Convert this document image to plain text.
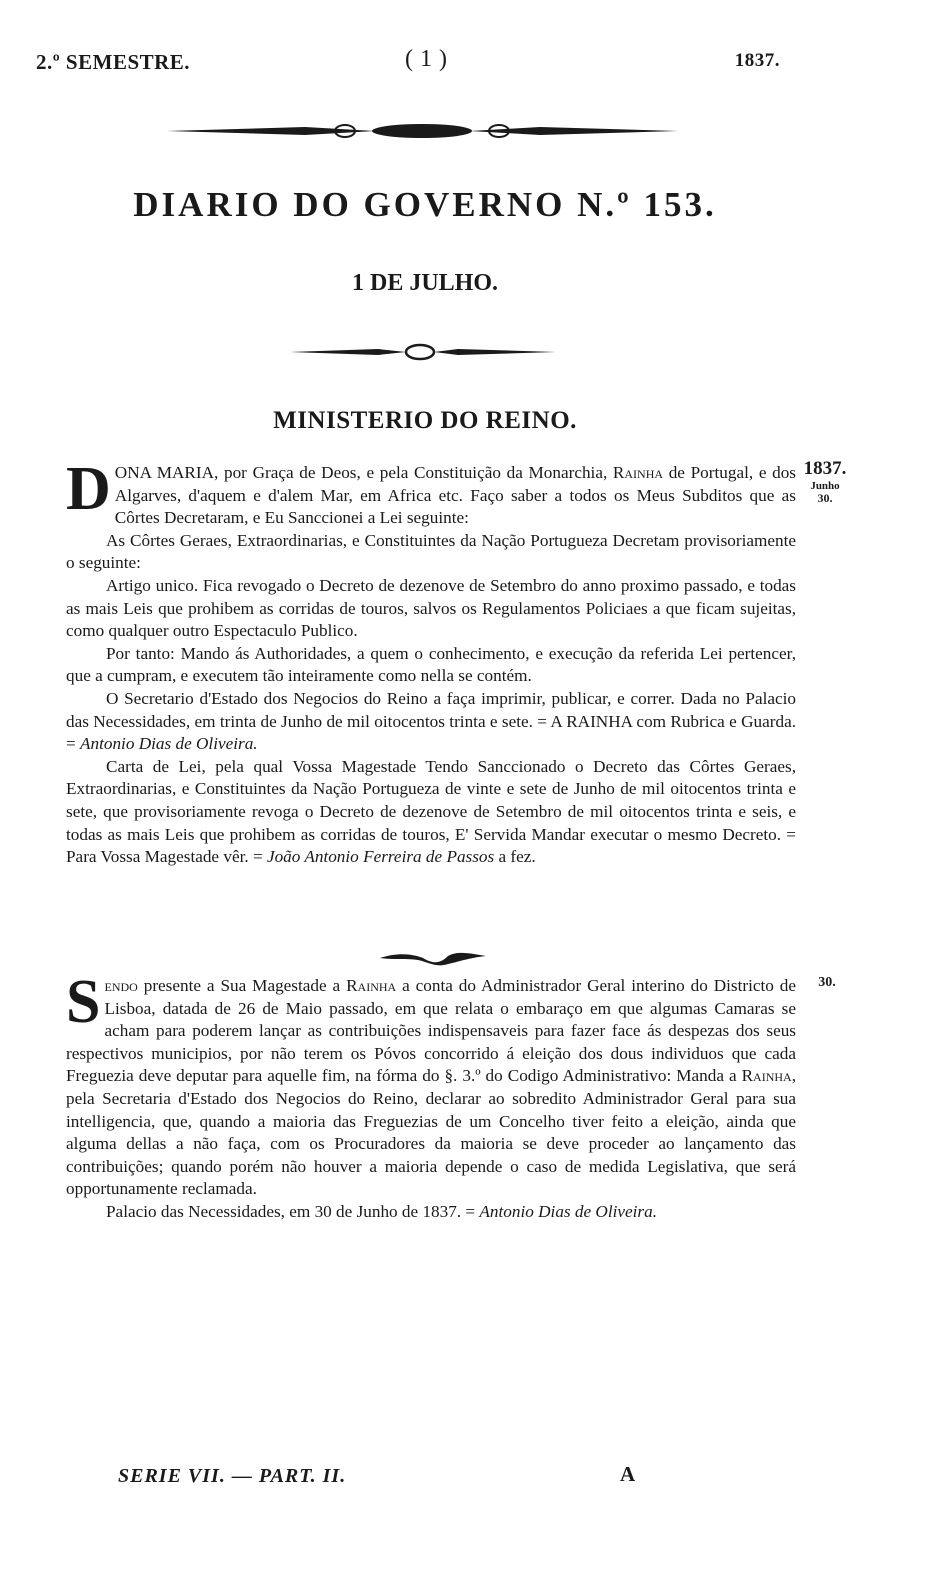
2.º SEMESTRE.	( 1 )	1837.
DIARIO DO GOVERNO N.º 153.
1 DE JULHO.
MINISTERIO DO REINO.
1837.
Junho
30.

DONA MARIA, por Graça de Deos, e pela Constituição da Monarchia, Rainha de Portugal, e dos Algarves, d'aquem e d'alem Mar, em Africa etc. Faço saber a todos os Meus Subditos que as Côrtes Decretaram, e Eu Sanccionei a Lei seguinte:

As Côrtes Geraes, Extraordinarias, e Constituintes da Nação Portugueza Decretam provisoriamente o seguinte:

Artigo unico. Fica revogado o Decreto de dezenove de Setembro do anno proximo passado, e todas as mais Leis que prohibem as corridas de touros, salvos os Regulamentos Policiaes a que ficam sujeitas, como qualquer outro Espectaculo Publico.

Por tanto: Mando ás Authoridades, a quem o conhecimento, e execução da referida Lei pertencer, que a cumpram, e executem tão inteiramente como nella se contém.

O Secretario d'Estado dos Negocios do Reino a faça imprimir, publicar, e correr. Dada no Palacio das Necessidades, em trinta de Junho de mil oitocentos trinta e sete. = A RAINHA com Rubrica e Guarda. = Antonio Dias de Oliveira.

Carta de Lei, pela qual Vossa Magestade Tendo Sanccionado o Decreto das Côrtes Geraes, Extraordinarias, e Constituintes da Nação Portugueza de vinte e sete de Junho de mil oitocentos trinta e sete, que provisoriamente revoga o Decreto de dezenove de Setembro de mil oitocentos trinta e seis, e todas as mais Leis que prohibem as corridas de touros, E' Servida Mandar executar o mesmo Decreto. = Para Vossa Magestade vêr. = João Antonio Ferreira de Passos a fez.

30.

Sendo presente a Sua Magestade a Rainha a conta do Administrador Geral interino do Districto de Lisboa, datada de 26 de Maio passado, em que relata o embaraço em que algumas Camaras se acham para poderem lançar as contribuições indispensaveis para fazer face ás despezas dos seus respectivos municipios, por não terem os Póvos concorrido á eleição dos dous individuos que cada Freguezia deve deputar para aquelle fim, na fórma do §. 3.º do Codigo Administrativo: Manda a Rainha, pela Secretaria d'Estado dos Negocios do Reino, declarar ao sobredito Administrador Geral para sua intelligencia, que, quando a maioria das Freguezias de um Concelho tiver feito a eleição, ainda que alguma dellas a não faça, com os Procuradores da maioria se deve proceder ao lançamento das contribuições; quando porém não houver a maioria depende o caso de medida Legislativa, que será opportunamente reclamada.

Palacio das Necessidades, em 30 de Junho de 1837. = Antonio Dias de Oliveira.

SERIE VII. — PART. II.	A
